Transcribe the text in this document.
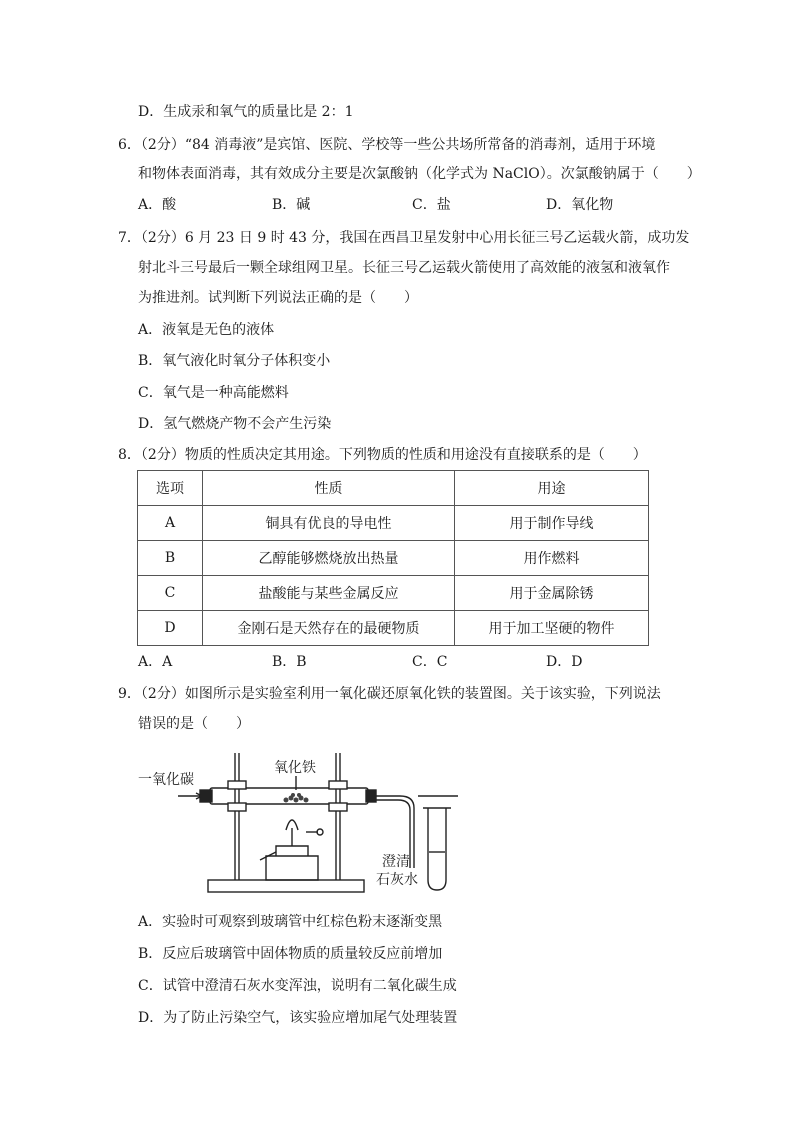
D．生成汞和氧气的质量比是 2：1
6．（2分）“84 消毒液”是宾馆、医院、学校等一些公共场所常备的消毒剂，适用于环境
和物体表面消毒，其有效成分主要是次氯酸钠（化学式为 NaClO）。次氯酸钠属于（　　）
A．酸	B．碱	C．盐	D．氧化物
7．（2分）6 月 23 日 9 时 43 分，我国在西昌卫星发射中心用长征三号乙运载火箭，成功发
射北斗三号最后一颗全球组网卫星。长征三号乙运载火箭使用了高效能的液氢和液氧作
为推进剂。试判断下列说法正确的是（　　）
A．液氧是无色的液体
B．氧气液化时氧分子体积变小
C．氧气是一种高能燃料
D．氢气燃烧产物不会产生污染
8．（2分）物质的性质决定其用途。下列物质的性质和用途没有直接联系的是（　　）
选项	性质	用途
A	铜具有优良的导电性	用于制作导线
B	乙醇能够燃烧放出热量	用作燃料
C	盐酸能与某些金属反应	用于金属除锈
D	金刚石是天然存在的最硬物质	用于加工坚硬的物件
A．A	B．B	C．C	D．D
9．（2分）如图所示是实验室利用一氧化碳还原氧化铁的装置图。关于该实验，下列说法
错误的是（　　）
一氧化碳
氧化铁
澄清
石灰水
A．实验时可观察到玻璃管中红棕色粉末逐渐变黑
B．反应后玻璃管中固体物质的质量较反应前增加
C．试管中澄清石灰水变浑浊，说明有二氧化碳生成
D．为了防止污染空气，该实验应增加尾气处理装置
